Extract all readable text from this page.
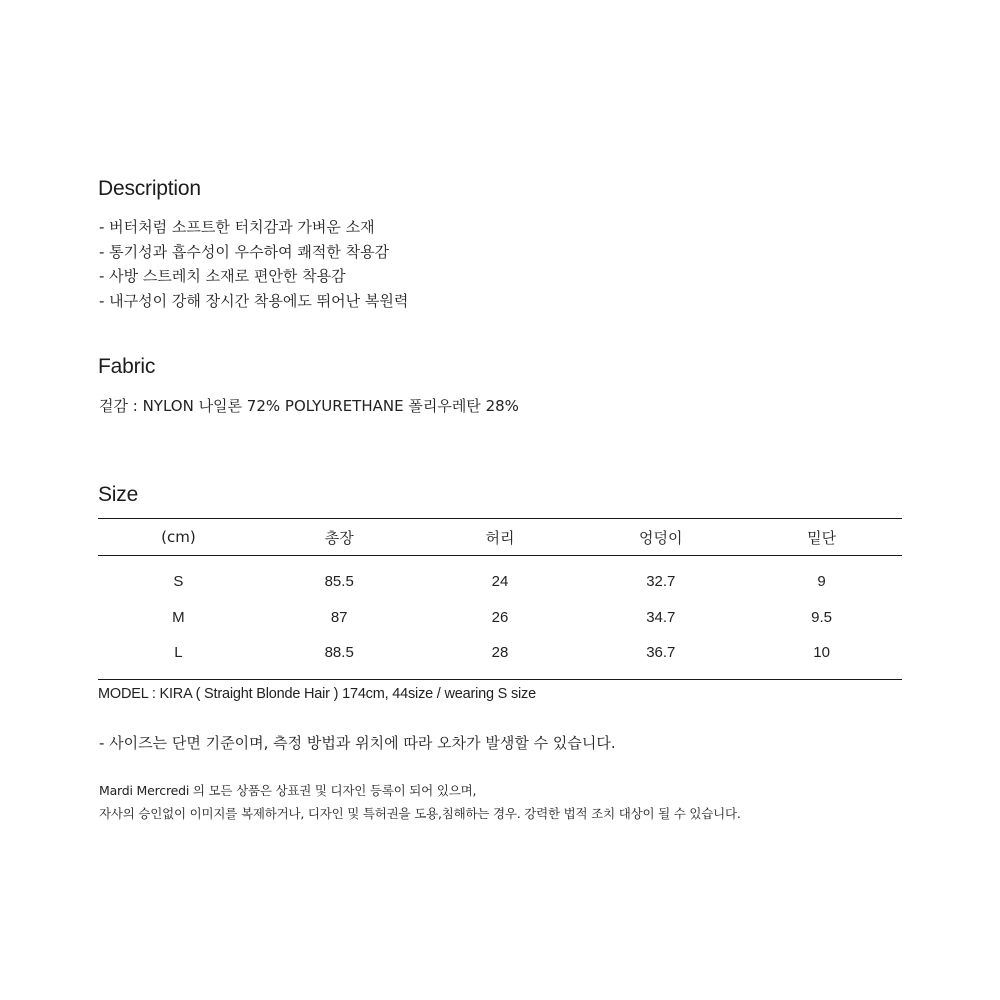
Description
- 버터처럼 소프트한 터치감과 가벼운 소재
- 통기성과 흡수성이 우수하여 쾌적한 착용감
- 사방 스트레치 소재로 편안한 착용감
- 내구성이 강해 장시간 착용에도 뛰어난 복원력
Fabric
겉감 : NYLON 나일론 72% POLYURETHANE 폴리우레탄 28%
Size
(cm)	총장	허리	엉덩이	밑단
S	85.5	24	32.7	9
M	87	26	34.7	9.5
L	88.5	28	36.7	10
MODEL : KIRA ( Straight Blonde Hair ) 174cm, 44size / wearing S size
- 사이즈는 단면 기준이며, 측정 방법과 위치에 따라 오차가 발생할 수 있습니다.
Mardi Mercredi 의 모든 상품은 상표권 및 디자인 등록이 되어 있으며,
자사의 승인없이 이미지를 복제하거나, 디자인 및 특허권을 도용,침해하는 경우. 강력한 법적 조치 대상이 될 수 있습니다.
